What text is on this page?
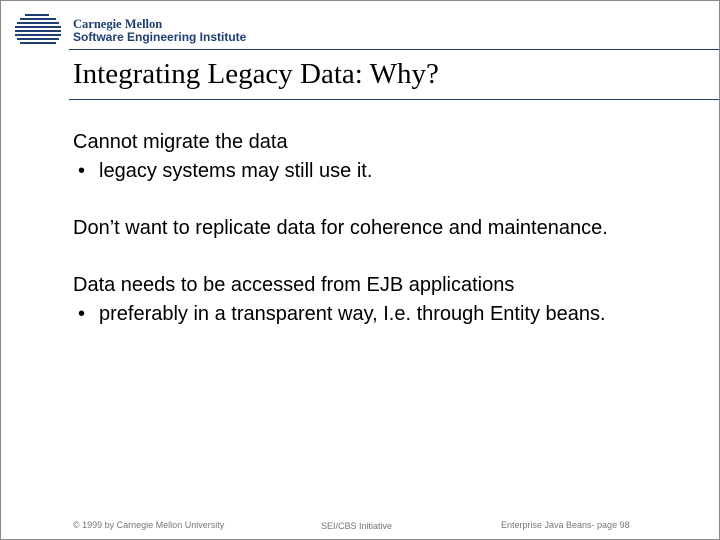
Carnegie Mellon
Software Engineering Institute
Integrating Legacy Data: Why?

Cannot migrate the data

• legacy systems may still use it.

Don’t want to replicate data for coherence and maintenance.

Data needs to be accessed from EJB applications

• preferably in a transparent way, I.e. through Entity beans.

© 1999 by Carnegie Mellon University	SEI/CBS Initiative	Enterprise Java Beans- page 98
